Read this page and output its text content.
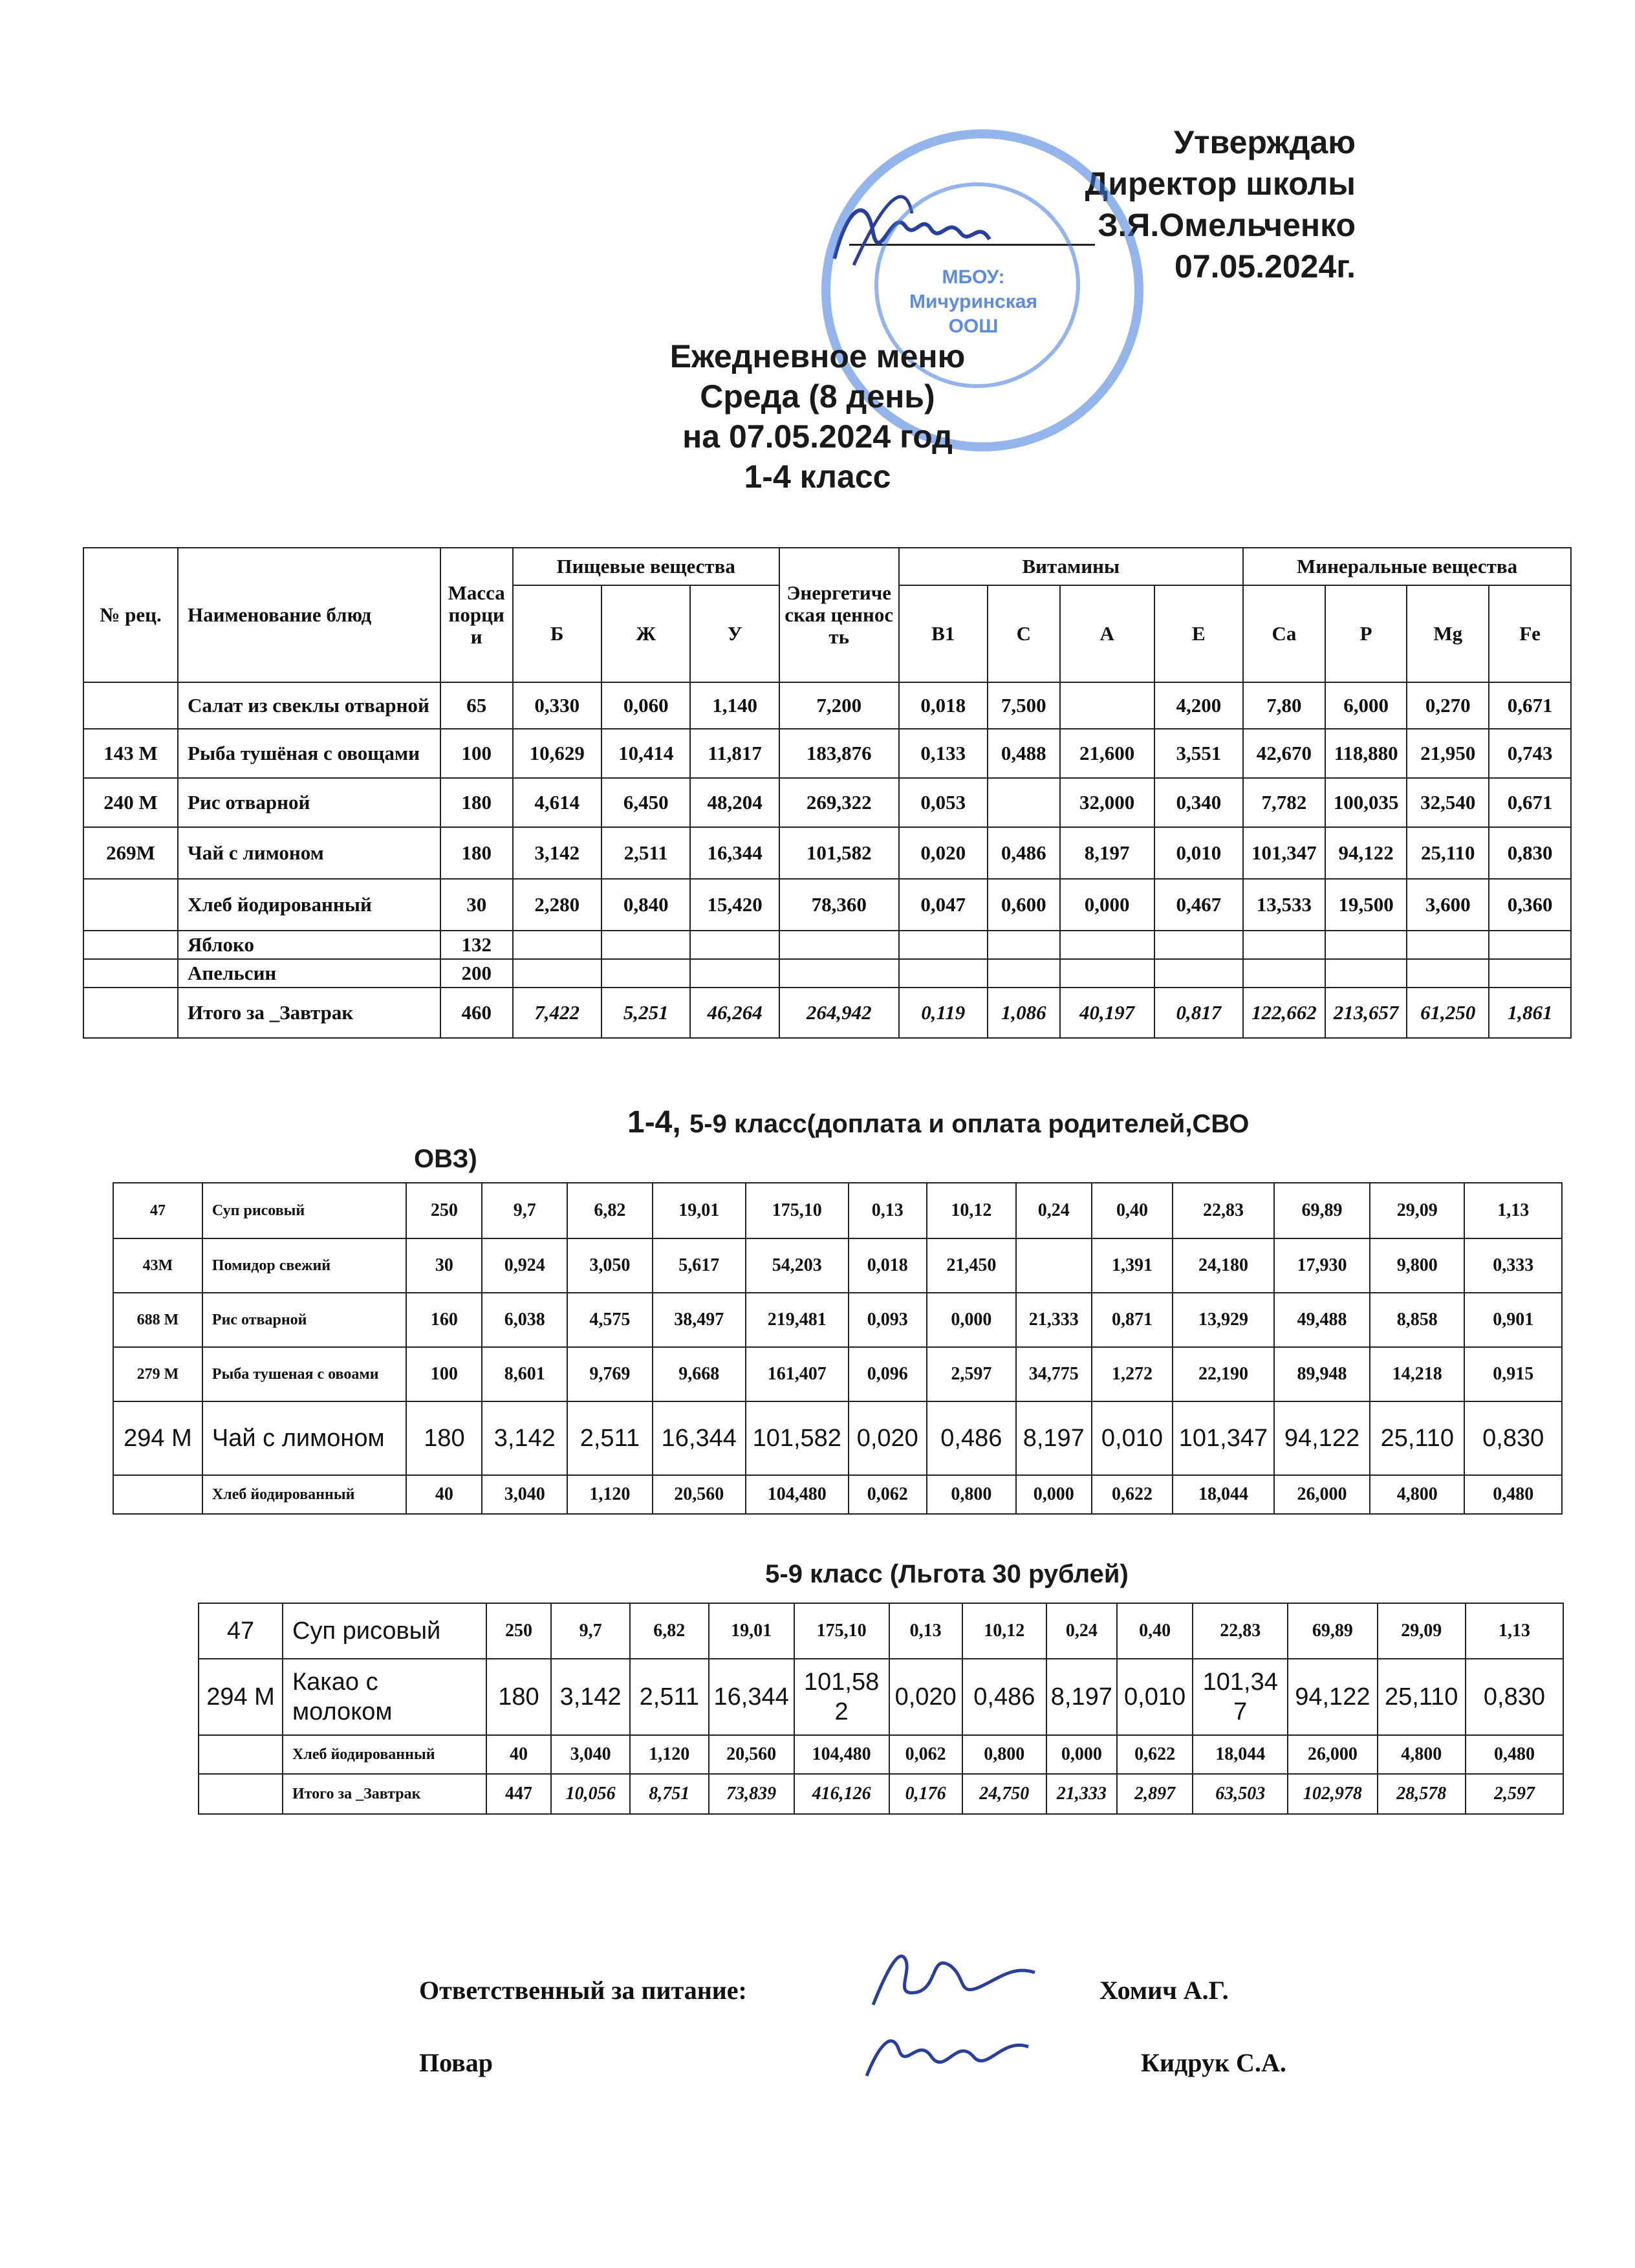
Утверждаю
Директор школы
З.Я.Омельченко
07.05.2024г.
МБОУ: Мичуринская ООШ
Ежедневное меню
Среда (8 день)
на 07.05.2024 год
1-4 класс
№ рец.	Наименование блюд	Масса порции	Пищевые вещества			Энергетическая ценность	Витамины				Минеральные вещества			
			Б	Ж	У		В1	С	А	Е	Ca	P	Mg	Fe
	Салат из свеклы отварной	65	0,330	0,060	1,140	7,200	0,018	7,500		4,200	7,80	6,000	0,270	0,671
143 М	Рыба тушёная с овощами	100	10,629	10,414	11,817	183,876	0,133	0,488	21,600	3,551	42,670	118,880	21,950	0,743
240 М	Рис отварной	180	4,614	6,450	48,204	269,322	0,053		32,000	0,340	7,782	100,035	32,540	0,671
269М	Чай с лимоном	180	3,142	2,511	16,344	101,582	0,020	0,486	8,197	0,010	101,347	94,122	25,110	0,830
	Хлеб йодированный	30	2,280	0,840	15,420	78,360	0,047	0,600	0,000	0,467	13,533	19,500	3,600	0,360
	Яблоко	132												
	Апельсин	200												
	Итого за _Завтрак	460	7,422	5,251	46,264	264,942	0,119	1,086	40,197	0,817	122,662	213,657	61,250	1,861
1-4, 5-9 класс(доплата и оплата родителей,СВО
ОВЗ)
47	Суп рисовый	250	9,7	6,82	19,01	175,10	0,13	10,12	0,24	0,40	22,83	69,89	29,09	1,13
43М	Помидор свежий	30	0,924	3,050	5,617	54,203	0,018	21,450		1,391	24,180	17,930	9,800	0,333
688 М	Рис отварной	160	6,038	4,575	38,497	219,481	0,093	0,000	21,333	0,871	13,929	49,488	8,858	0,901
279 М	Рыба тушеная с овоами	100	8,601	9,769	9,668	161,407	0,096	2,597	34,775	1,272	22,190	89,948	14,218	0,915
294 М	Чай с лимоном	180	3,142	2,511	16,344	101,582	0,020	0,486	8,197	0,010	101,347	94,122	25,110	0,830
	Хлеб йодированный	40	3,040	1,120	20,560	104,480	0,062	0,800	0,000	0,622	18,044	26,000	4,800	0,480
5-9 класс (Льгота 30 рублей)
47	Суп рисовый	250	9,7	6,82	19,01	175,10	0,13	10,12	0,24	0,40	22,83	69,89	29,09	1,13
294 М	Какао с молоком	180	3,142	2,511	16,344	101,582	0,020	0,486	8,197	0,010	101,347	94,122	25,110	0,830
	Хлеб йодированный	40	3,040	1,120	20,560	104,480	0,062	0,800	0,000	0,622	18,044	26,000	4,800	0,480
	Итого за _Завтрак	447	10,056	8,751	73,839	416,126	0,176	24,750	21,333	2,897	63,503	102,978	28,578	2,597
Ответственный за питание:	Хомич А.Г.
Повар	Кидрук С.А.
